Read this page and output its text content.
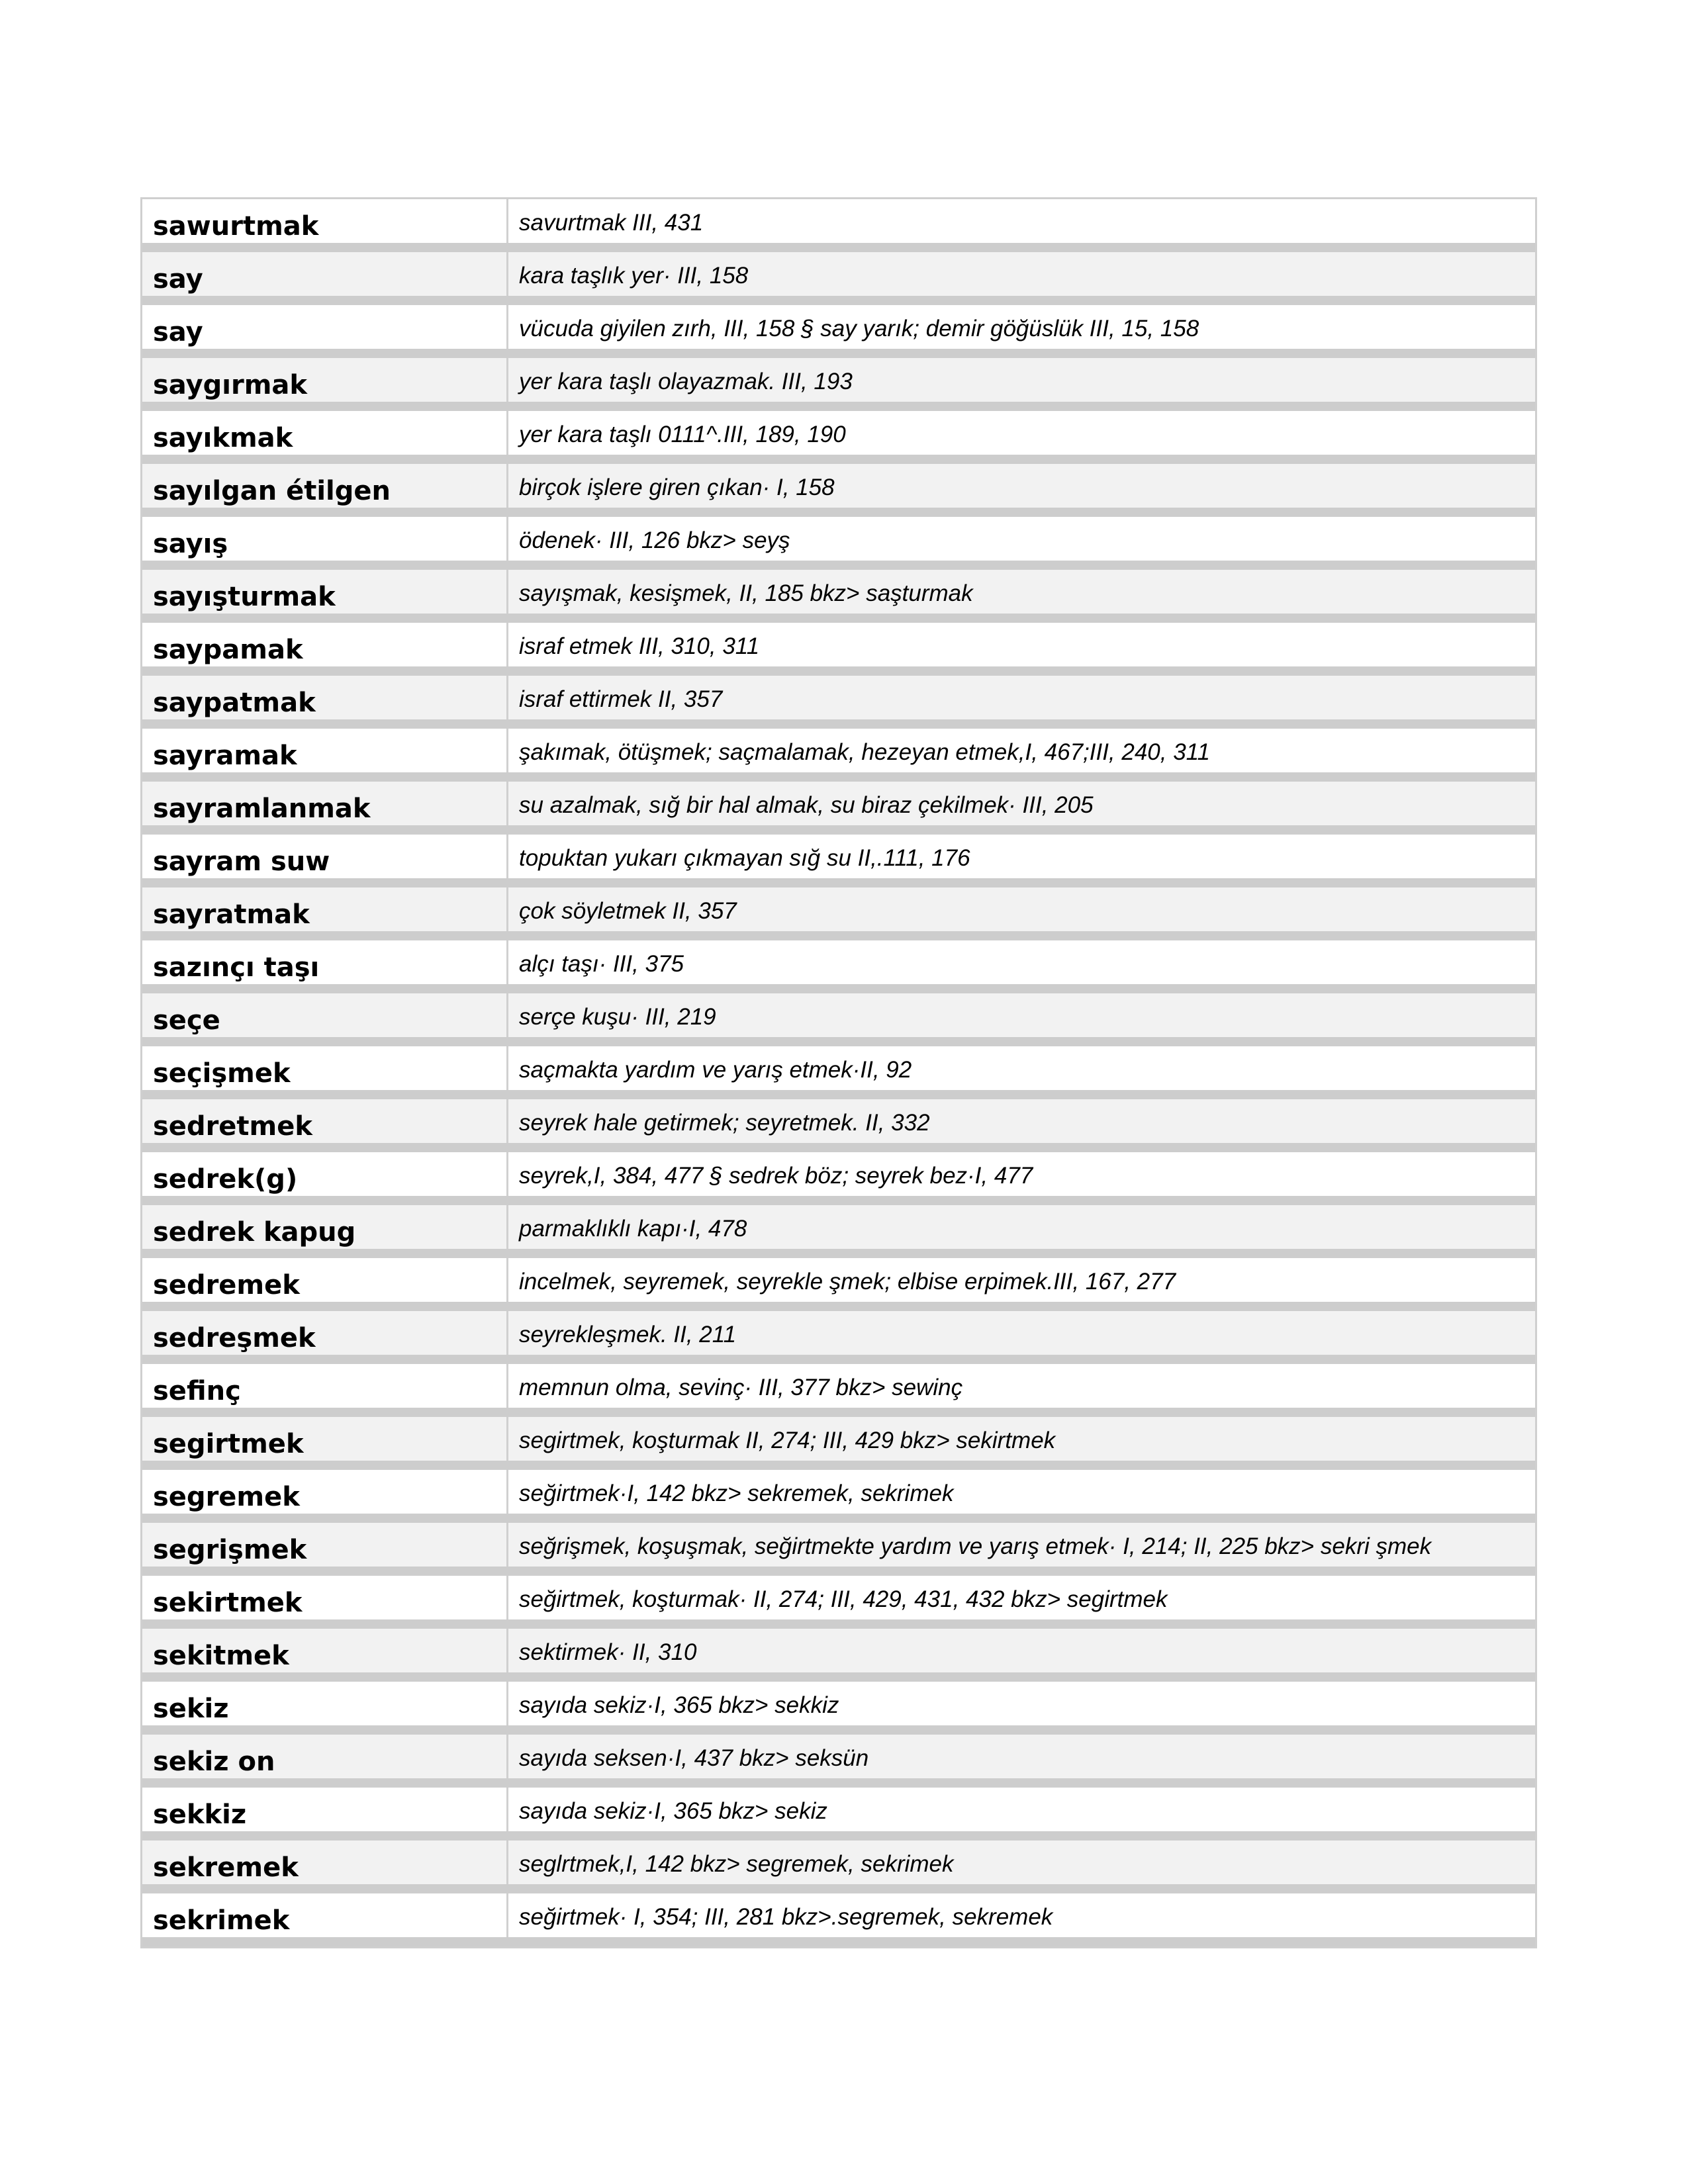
sawurtmak	savurtmak III, 431
say	kara taşlık yer· III, 158
say	vücuda giyilen zırh, III, 158 § say yarık; demir göğüslük III, 15, 158
saygırmak	yer kara taşlı olayazmak. III, 193
sayıkmak	yer kara taşlı 0111^.III, 189, 190
sayılgan étilgen	birçok işlere giren çıkan· I, 158
sayış	ödenek· III, 126 bkz> seyş
sayışturmak	sayışmak, kesişmek, II, 185 bkz> saşturmak
saypamak	israf etmek III, 310, 311
saypatmak	israf ettirmek II, 357
sayramak	şakımak, ötüşmek; saçmalamak, hezeyan etmek,I, 467;III, 240, 311
sayramlanmak	su azalmak, sığ bir hal almak, su biraz çekilmek· III, 205
sayram suw	topuktan yukarı çıkmayan sığ su II,.111, 176
sayratmak	çok söyletmek II, 357
sazınçı taşı	alçı taşı· III, 375
seçe	serçe kuşu· III, 219
seçişmek	saçmakta yardım ve yarış etmek·II, 92
sedretmek	seyrek hale getirmek; seyretmek. II, 332
sedrek(g)	seyrek,I, 384, 477 § sedrek böz; seyrek bez·I, 477
sedrek kapug	parmaklıklı kapı·I, 478
sedremek	incelmek, seyremek, seyrekle şmek; elbise erpimek.III, 167, 277
sedreşmek	seyrekleşmek. II, 211
sefinç	memnun olma, sevinç· III, 377 bkz> sewinç
segirtmek	segirtmek, koşturmak II, 274; III, 429 bkz> sekirtmek
segremek	seğirtmek·I, 142 bkz> sekremek, sekrimek
segrişmek	seğrişmek, koşuşmak, seğirtmekte yardım ve yarış etmek· I, 214; II, 225 bkz> sekri şmek
sekirtmek	seğirtmek, koşturmak· II, 274; III, 429, 431, 432 bkz> segirtmek
sekitmek	sektirmek· II, 310
sekiz	sayıda sekiz·I, 365 bkz> sekkiz
sekiz on	sayıda seksen·I, 437 bkz> seksün
sekkiz	sayıda sekiz·I, 365 bkz> sekiz
sekremek	seglrtmek,I, 142 bkz> segremek, sekrimek
sekrimek	seğirtmek· I, 354; III, 281 bkz>.segremek, sekremek
